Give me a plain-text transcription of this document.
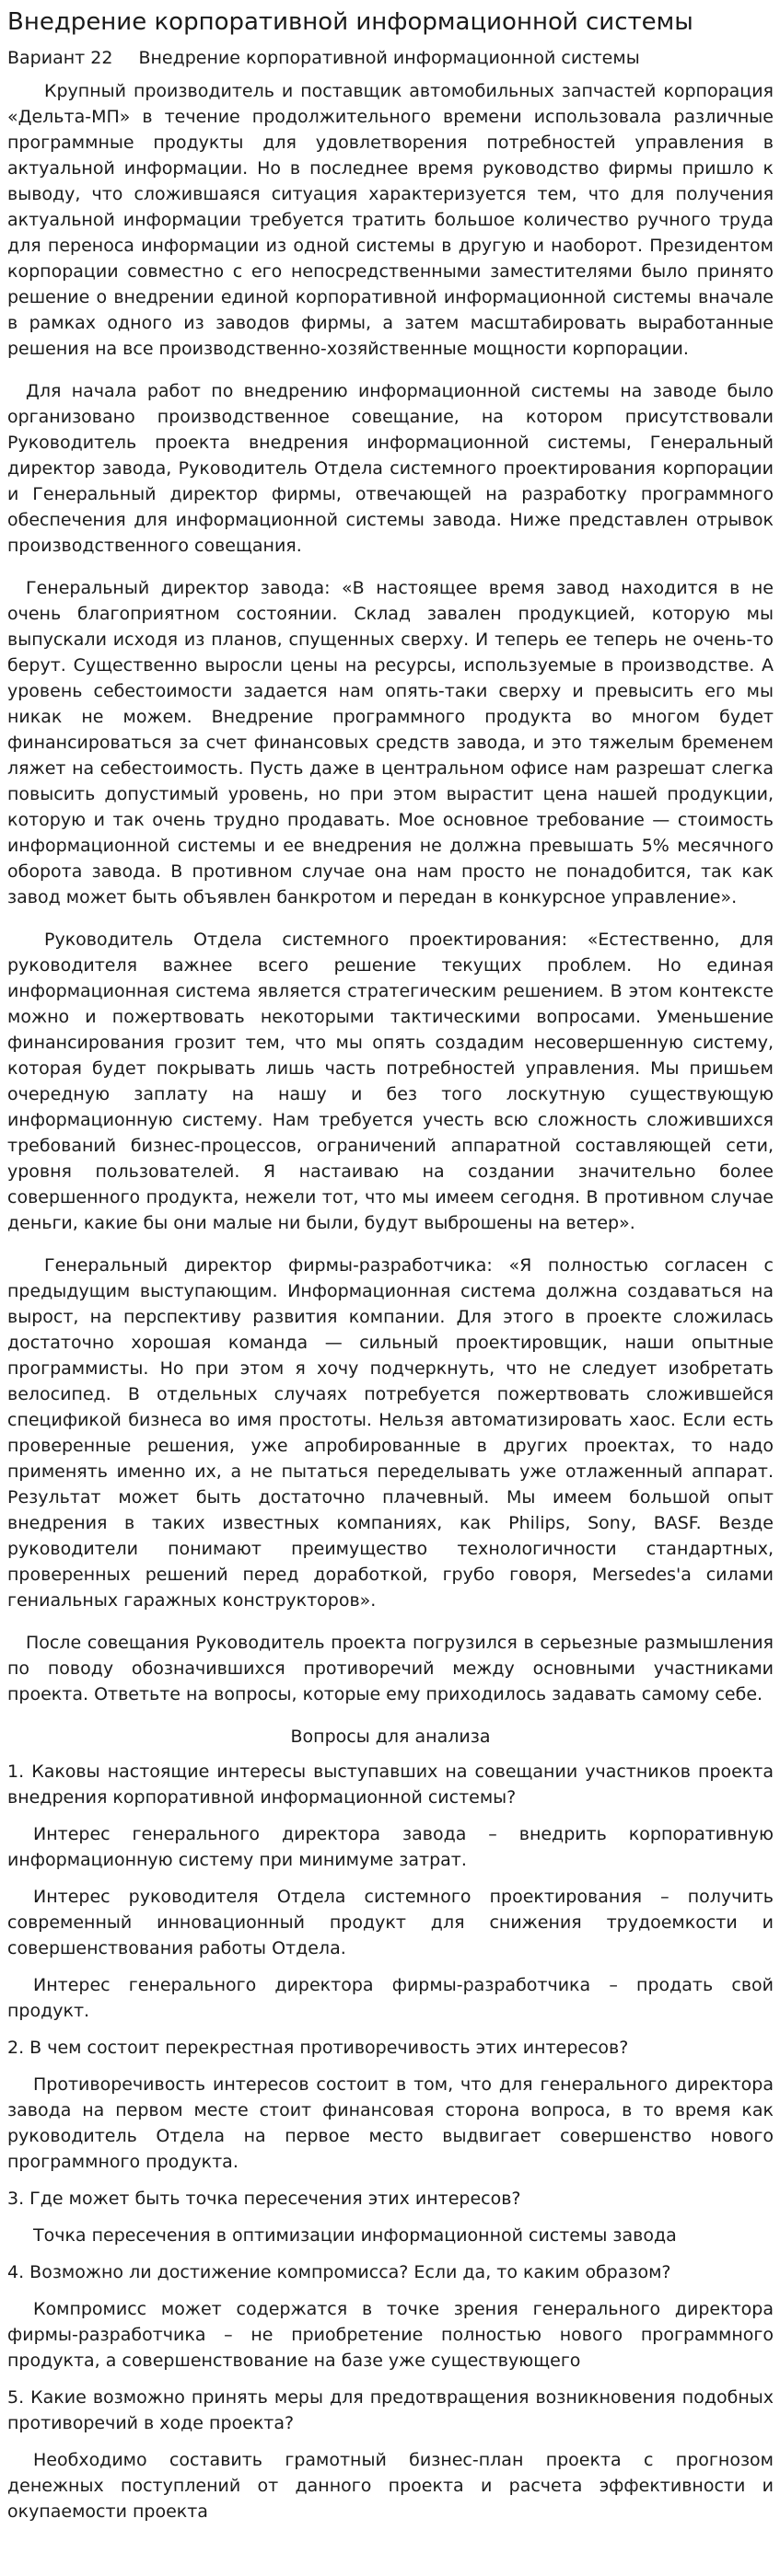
Внедрение корпоративной информационной системы
Вариант 22 Внедрение корпоративной информационной системы

Крупный производитель и поставщик автомобильных запчастей корпорация «Дельта-МП» в течение продолжительного времени использовала различные программные продукты для удовлетворения потребностей управления в актуальной информации. Но в последнее время руководство фирмы пришло к выводу, что сложившаяся ситуация характеризуется тем, что для получения актуальной информации требуется тратить большое количество ручного труда для переноса информации из одной системы в другую и наоборот. Президентом корпорации совместно с его непосредственными заместителями было принято решение о внедрении единой корпоративной информационной системы вначале в рамках одного из заводов фирмы, а затем масштабировать выработанные решения на все производственно-хозяйственные мощности корпорации.

Для начала работ по внедрению информационной системы на заводе было организовано производственное совещание, на котором присутствовали Руководитель проекта внедрения информационной системы, Генеральный директор завода, Руководитель Отдела системного проектирования корпорации и Генеральный директор фирмы, отвечающей на разработку программного обеспечения для информационной системы завода. Ниже представлен отрывок производственного совещания.

Генеральный директор завода: «В настоящее время завод находится в не очень благоприятном состоянии. Склад завален продукцией, которую мы выпускали исходя из планов, спущенных сверху. И теперь ее теперь не очень-то берут. Существенно выросли цены на ресурсы, используемые в производстве. А уровень себестоимости задается нам опять-таки сверху и превысить его мы никак не можем. Внедрение программного продукта во многом будет финансироваться за счет финансовых средств завода, и это тяжелым бременем ляжет на себестоимость. Пусть даже в центральном офисе нам разрешат слегка повысить допустимый уровень, но при этом вырастит цена нашей продукции, которую и так очень трудно продавать. Мое основное требование — стоимость информационной системы и ее внедрения не должна превышать 5% месячного оборота завода. В противном случае она нам просто не понадобится, так как завод может быть объявлен банкротом и передан в конкурсное управление».

Руководитель Отдела системного проектирования: «Естественно, для руководителя важнее всего решение текущих проблем. Но единая информационная система является стратегическим решением. В этом контексте можно и пожертвовать некоторыми тактическими вопросами. Уменьшение финансирования грозит тем, что мы опять создадим несовершенную систему, которая будет покрывать лишь часть потребностей управления. Мы пришьем очередную заплату на нашу и без того лоскутную существующую информационную систему. Нам требуется учесть всю сложность сложившихся требований бизнес-процессов, ограничений аппаратной составляющей сети, уровня пользователей. Я настаиваю на создании значительно более совершенного продукта, нежели тот, что мы имеем сегодня. В противном случае деньги, какие бы они малые ни были, будут выброшены на ветер».

Генеральный директор фирмы-разработчика: «Я полностью согласен с предыдущим выступающим. Информационная система должна создаваться на вырост, на перспективу развития компании. Для этого в проекте сложилась достаточно хорошая команда — сильный проектировщик, наши опытные программисты. Но при этом я хочу подчеркнуть, что не следует изобретать велосипед. В отдельных случаях потребуется пожертвовать сложившейся спецификой бизнеса во имя простоты. Нельзя автоматизировать хаос. Если есть проверенные решения, уже апробированные в других проектах, то надо применять именно их, а не пытаться переделывать уже отлаженный аппарат. Результат может быть достаточно плачевный. Мы имеем большой опыт внедрения в таких известных компаниях, как Philips, Sony, BASF. Везде руководители понимают преимущество технологичности стандартных, проверенных решений перед доработкой, грубо говоря, Mersedes'a силами гениальных гаражных конструкторов».

После совещания Руководитель проекта погрузился в серьезные размышления по поводу обозначившихся противоречий между основными участниками проекта. Ответьте на вопросы, которые ему приходилось задавать самому себе.

Вопросы для анализа

1. Каковы настоящие интересы выступавших на совещании участников проекта внедрения корпоративной информационной системы?

Интерес генерального директора завода – внедрить корпоративную информационную систему при минимуме затрат.

Интерес руководителя Отдела системного проектирования – получить современный инновационный продукт для снижения трудоемкости и совершенствования работы Отдела.

Интерес генерального директора фирмы-разработчика – продать свой продукт.

2. В чем состоит перекрестная противоречивость этих интересов?

Противоречивость интересов состоит в том, что для генерального директора завода на первом месте стоит финансовая сторона вопроса, в то время как руководитель Отдела на первое место выдвигает совершенство нового программного продукта.

3. Где может быть точка пересечения этих интересов?

Точка пересечения в оптимизации информационной системы завода

4. Возможно ли достижение компромисса? Если да, то каким образом?

Компромисс может содержатся в точке зрения генерального директора фирмы-разработчика – не приобретение полностью нового программного продукта, а совершенствование на базе уже существующего

5. Какие возможно принять меры для предотвращения возникновения подобных противоречий в ходе проекта?

Необходимо составить грамотный бизнес-план проекта с прогнозом денежных поступлений от данного проекта и расчета эффективности и окупаемости проекта
